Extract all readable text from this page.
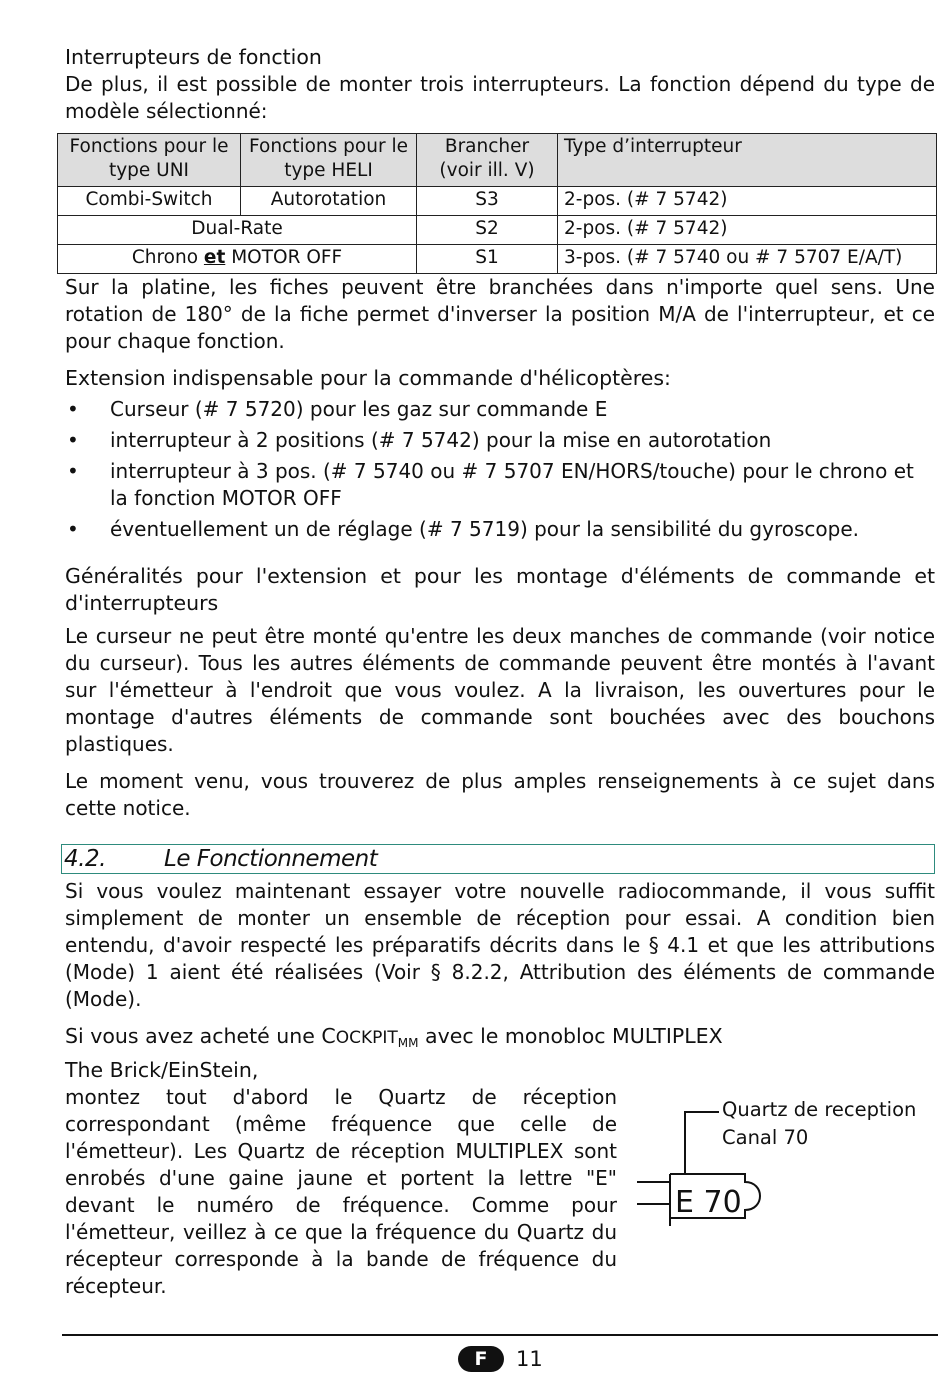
Interrupteurs de fonction

De plus, il est possible de monter trois interrupteurs. La fonction dépend du type de modèle sélectionné:

Fonctions pour le type UNI	Fonctions pour le type HELI	Brancher (voir ill. V)	Type d’interrupteur
Combi-Switch	Autorotation	S3	2-pos. (# 7 5742)
Dual-Rate		S2	2-pos. (# 7 5742)
Chrono et MOTOR OFF		S1	3-pos. (# 7 5740 ou # 7 5707 E/A/T)

Sur la platine, les fiches peuvent être branchées dans n'importe quel sens. Une rotation de 180° de la fiche permet d'inverser la position M/A de l'interrupteur, et ce pour chaque fonction.

Extension indispensable pour la commande d'hélicoptères:
• Curseur (# 7 5720) pour les gaz sur commande E
• interrupteur à 2 positions (# 7 5742) pour la mise en autorotation
• interrupteur à 3 pos. (# 7 5740 ou # 7 5707 EN/HORS/touche) pour le chrono et la fonction MOTOR OFF
• éventuellement un de réglage (# 7 5719) pour la sensibilité du gyroscope.
Généralités pour l'extension et pour les montage d'éléments de commande et d'interrupteurs

Le curseur ne peut être monté qu'entre les deux manches de commande (voir notice du curseur). Tous les autres éléments de commande peuvent être montés à l'avant sur l'émetteur à l'endroit que vous voulez. A la livraison, les ouvertures pour le montage d'autres éléments de commande sont bouchées avec des bouchons plastiques.

Le moment venu, vous trouverez de plus amples renseignements à ce sujet dans cette notice.

4.2.	Le Fonctionnement

Si vous voulez maintenant essayer votre nouvelle radiocommande, il vous suffit simplement de monter un ensemble de réception pour essai. A condition bien entendu, d'avoir respecté les préparatifs décrits dans le § 4.1 et que les attributions (Mode) 1 aient été réalisées (Voir § 8.2.2, Attribution des éléments de commande (Mode).

Si vous avez acheté une $COCKPIT_{MM}$ avec le monobloc MULTIPLEX
The Brick/EinStein,

montez tout d'abord le Quartz de réception correspondant (même fréquence que celle de l'émetteur). Les Quartz de réception MULTIPLEX sont enrobés d'une gaine jaune et portent la lettre "E" devant le numéro de fréquence. Comme pour l'émetteur, veillez à ce que la fréquence du Quartz du récepteur corresponde à la bande de fréquence du récepteur.

E 70
Quartz de reception
Canal 70
F	11
